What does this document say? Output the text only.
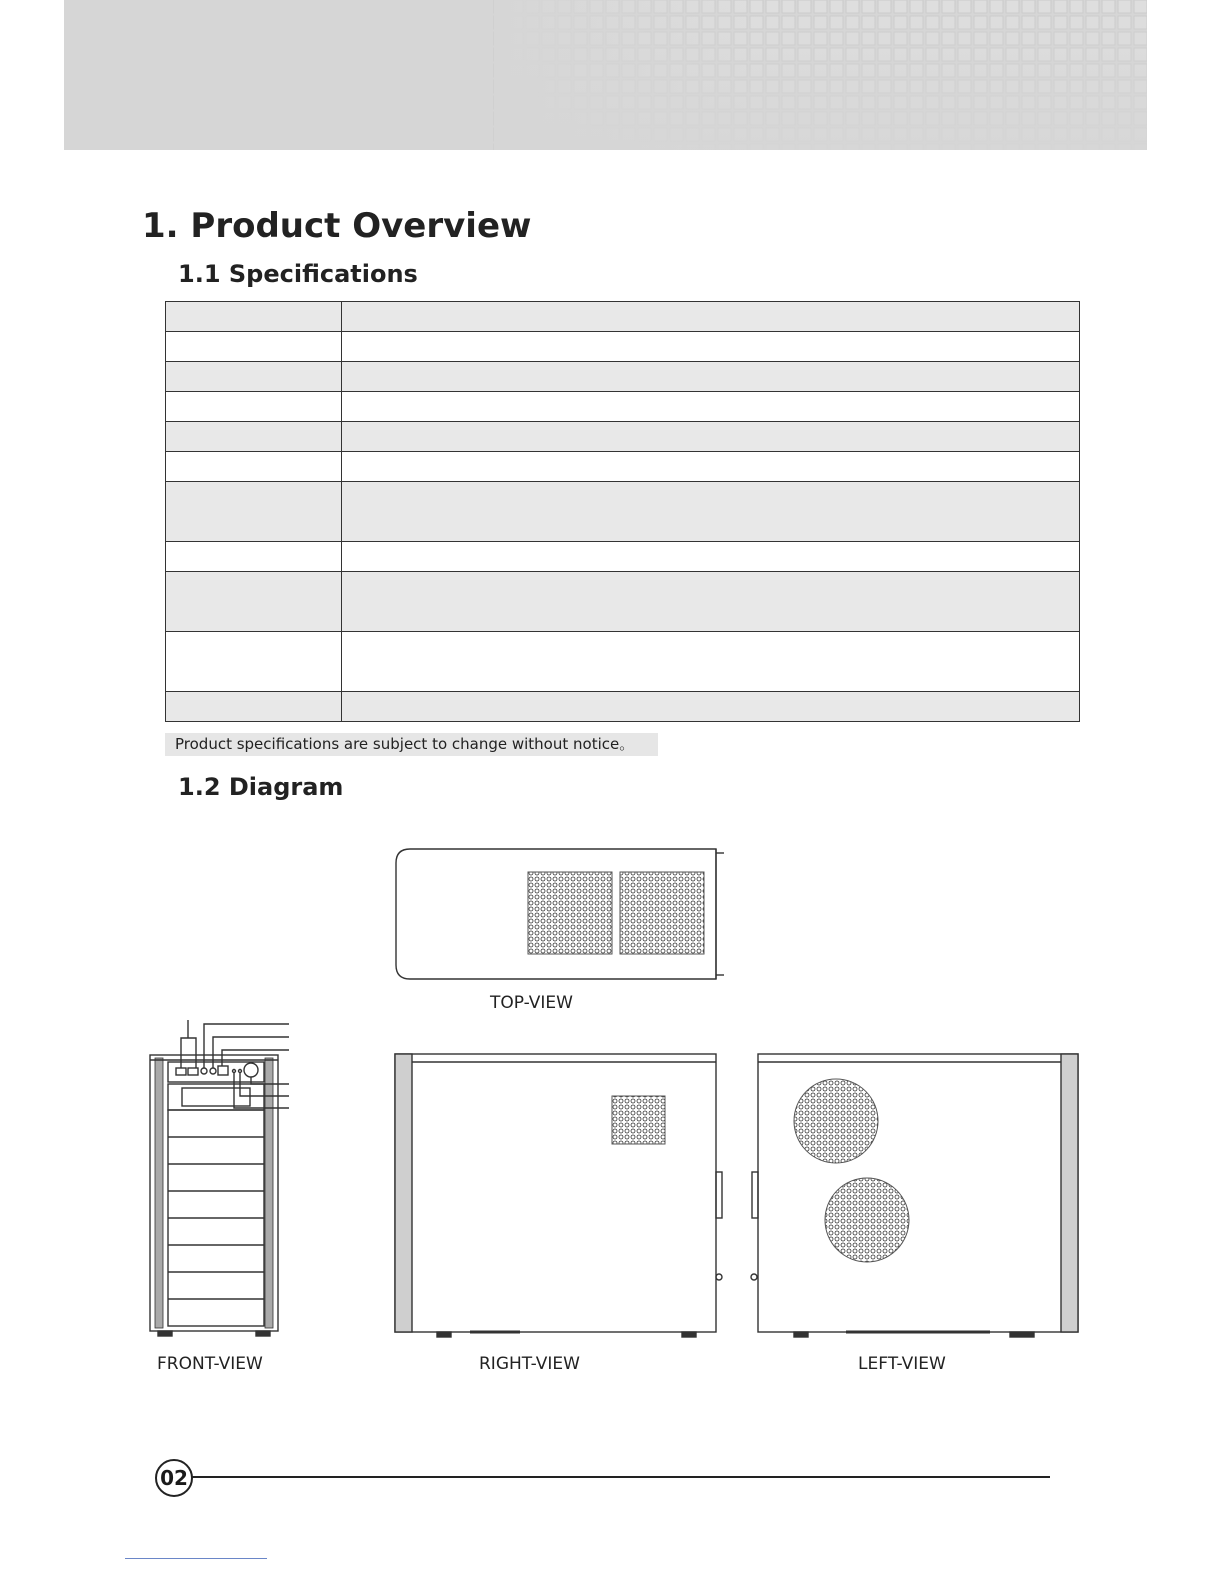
1. Product Overview
1.1 Specifications

Product specifications are subject to change without notice。
1.2 Diagram
TOP-VIEW
FRONT-VIEW	RIGHT-VIEW	LEFT-VIEW
02
